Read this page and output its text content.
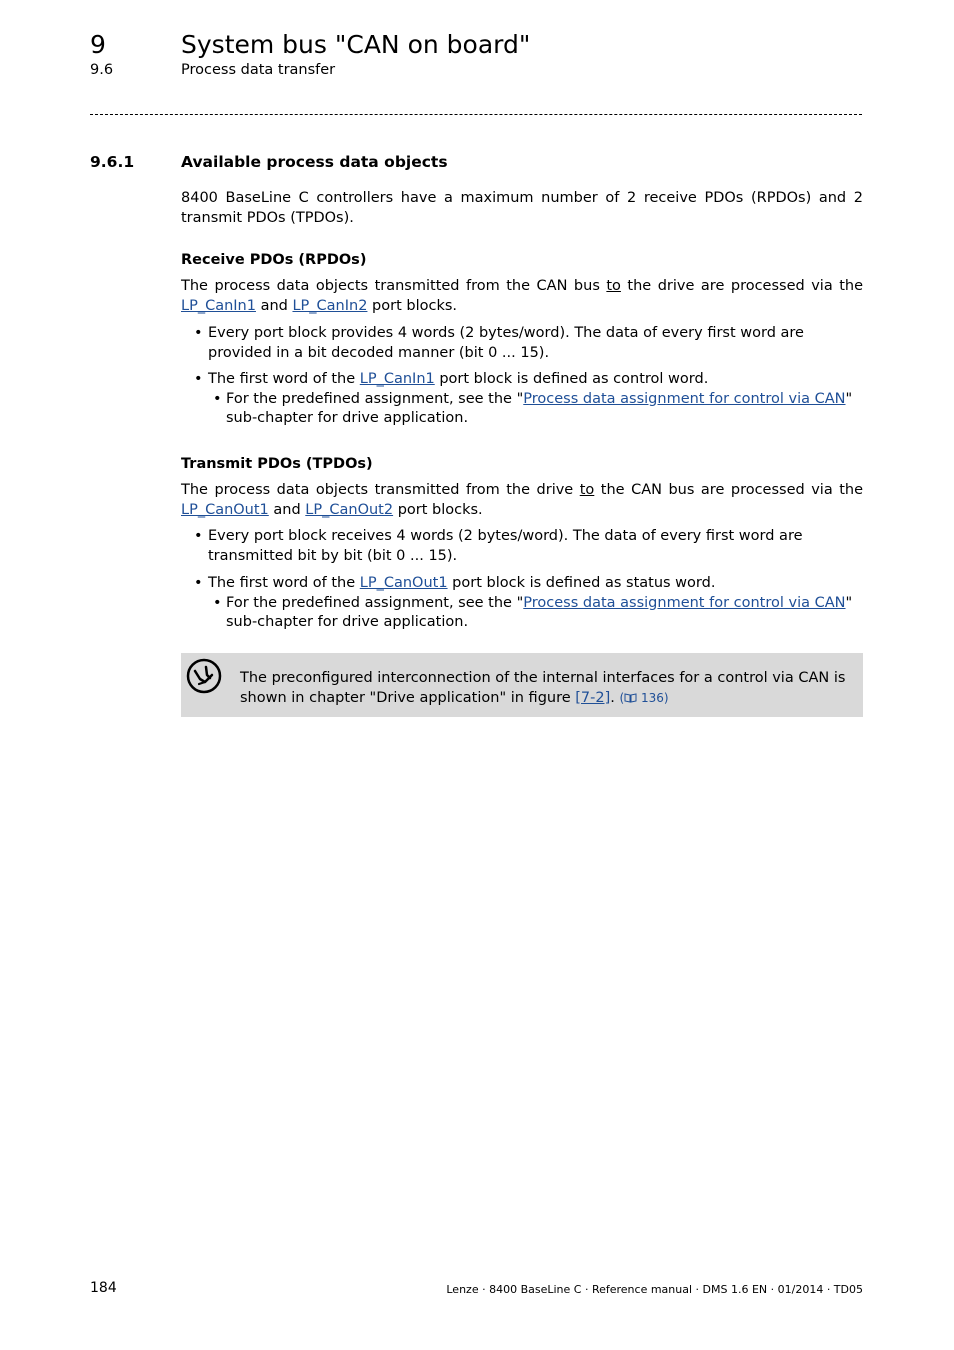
9	System bus "CAN on board"
9.6	Process data transfer
9.6.1	Available process data objects

8400 BaseLine C controllers have a maximum number of 2 receive PDOs (RPDOs) and 2 transmit PDOs (TPDOs).

Receive PDOs (RPDOs)

The process data objects transmitted from the CAN bus to the drive are processed via the LP_CanIn1 and LP_CanIn2 port blocks.

• Every port block provides 4 words (2 bytes/word). The data of every first word are provided in a bit decoded manner (bit 0 ... 15).
• The first word of the LP_CanIn1 port block is defined as control word.
• For the predefined assignment, see the "Process data assignment for control via CAN" sub-chapter for drive application.
Transmit PDOs (TPDOs)

The process data objects transmitted from the drive to the CAN bus are processed via the LP_CanOut1 and LP_CanOut2 port blocks.

• Every port block receives 4 words (2 bytes/word). The data of every first word are transmitted bit by bit (bit 0 ... 15).
• The first word of the LP_CanOut1 port block is defined as status word.
• For the predefined assignment, see the "Process data assignment for control via CAN" sub-chapter for drive application.
The preconfigured interconnection of the internal interfaces for a control via CAN is shown in chapter "Drive application" in figure [7-2]. ( 136)
184	Lenze · 8400 BaseLine C · Reference manual · DMS 1.6 EN · 01/2014 · TD05
